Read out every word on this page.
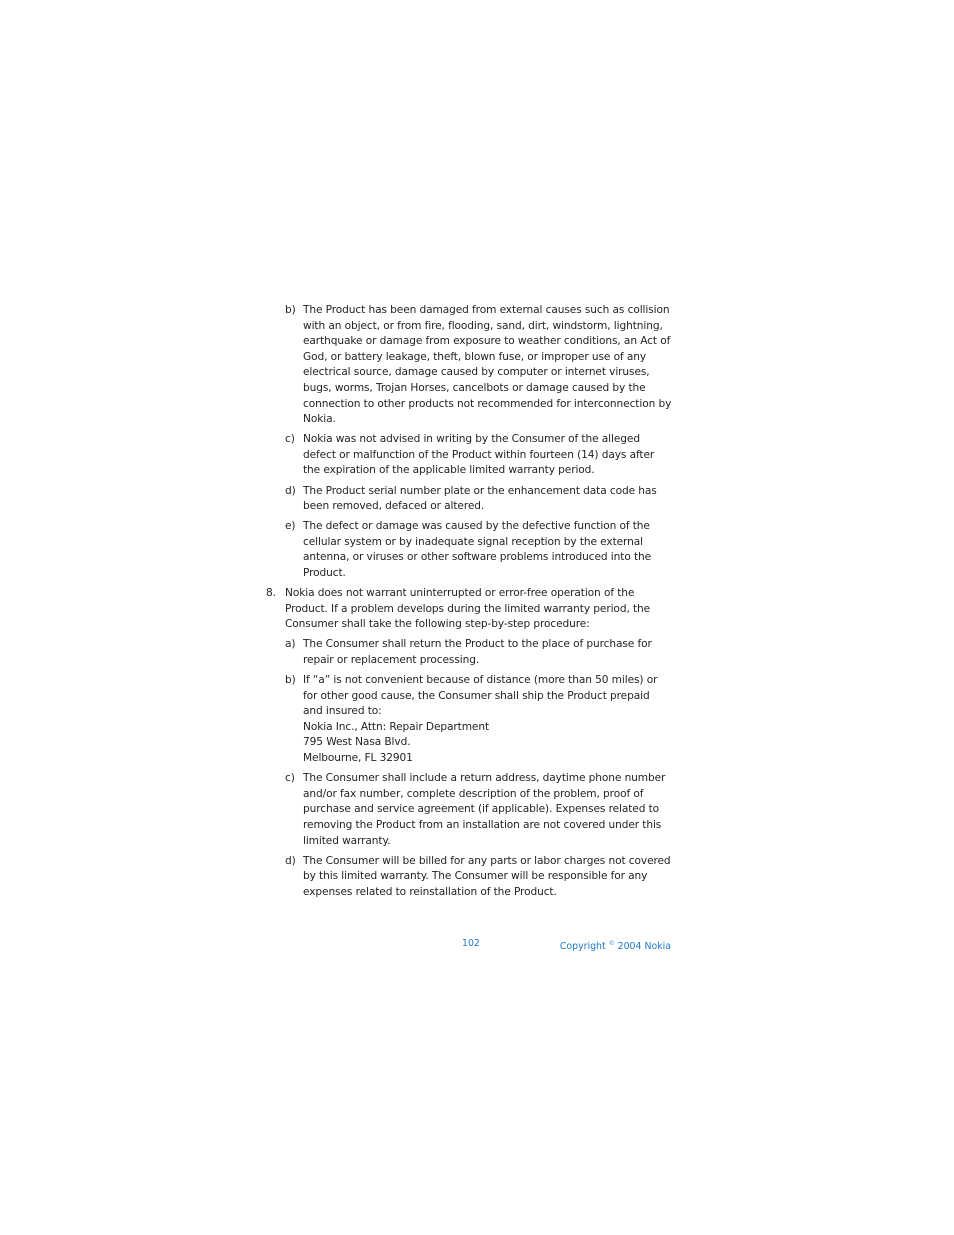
b) The Product has been damaged from external causes such as collision with an object, or from fire, flooding, sand, dirt, windstorm, lightning, earthquake or damage from exposure to weather conditions, an Act of God, or battery leakage, theft, blown fuse, or improper use of any electrical source, damage caused by computer or internet viruses, bugs, worms, Trojan Horses, cancelbots or damage caused by the connection to other products not recommended for interconnection by Nokia.
c) Nokia was not advised in writing by the Consumer of the alleged defect or malfunction of the Product within fourteen (14) days after the expiration of the applicable limited warranty period.
d) The Product serial number plate or the enhancement data code has been removed, defaced or altered.
e) The defect or damage was caused by the defective function of the cellular system or by inadequate signal reception by the external antenna, or viruses or other software problems introduced into the Product.
8. Nokia does not warrant uninterrupted or error-free operation of the Product. If a problem develops during the limited warranty period, the Consumer shall take the following step-by-step procedure:
a) The Consumer shall return the Product to the place of purchase for repair or replacement processing.
b) If “a” is not convenient because of distance (more than 50 miles) or for other good cause, the Consumer shall ship the Product prepaid and insured to:
Nokia Inc., Attn: Repair Department
795 West Nasa Blvd.
Melbourne, FL 32901
c) The Consumer shall include a return address, daytime phone number and/or fax number, complete description of the problem, proof of purchase and service agreement (if applicable). Expenses related to removing the Product from an installation are not covered under this limited warranty.
d) The Consumer will be billed for any parts or labor charges not covered by this limited warranty. The Consumer will be responsible for any expenses related to reinstallation of the Product.
102	Copyright © 2004 Nokia
